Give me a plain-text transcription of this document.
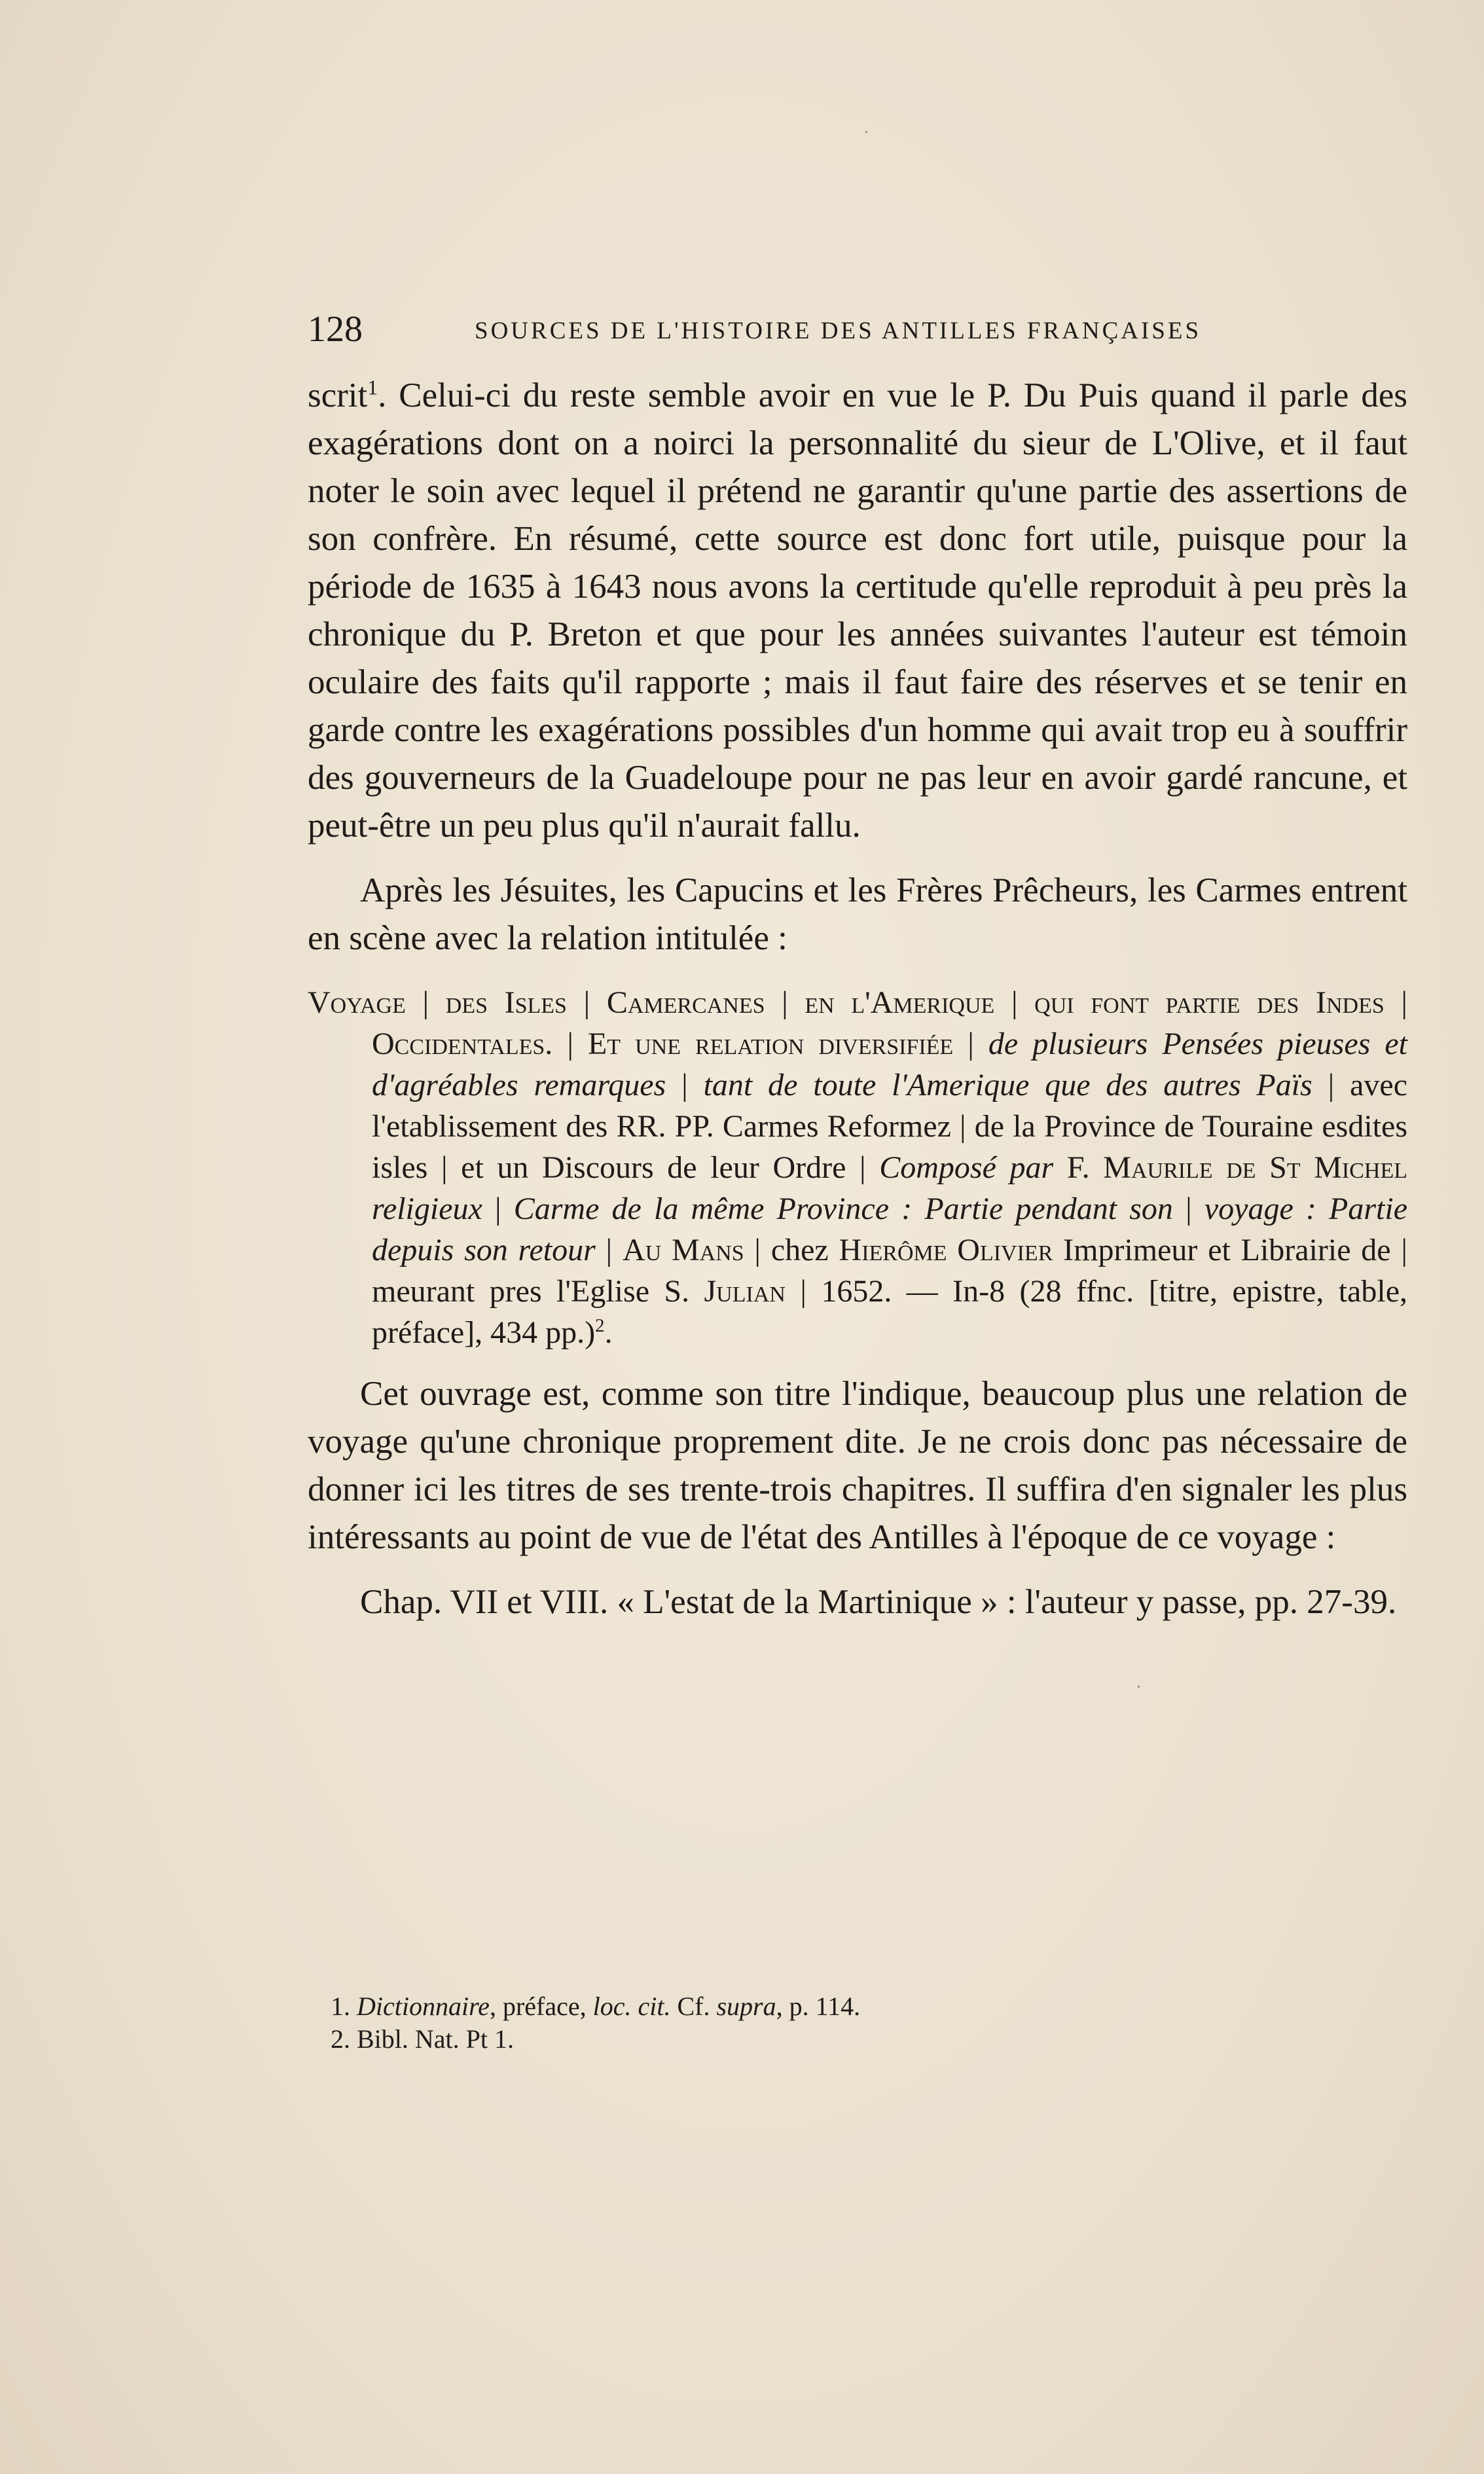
128	SOURCES DE L'HISTOIRE DES ANTILLES FRANÇAISES

scrit$^1$. Celui-ci du reste semble avoir en vue le P. Du Puis quand il parle des exagérations dont on a noirci la personnalité du sieur de L'Olive, et il faut noter le soin avec lequel il prétend ne garantir qu'une partie des assertions de son confrère. En résumé, cette source est donc fort utile, puisque pour la période de 1635 à 1643 nous avons la certitude qu'elle reproduit à peu près la chronique du P. Breton et que pour les années suivantes l'auteur est témoin oculaire des faits qu'il rapporte ; mais il faut faire des réserves et se tenir en garde contre les exagérations possibles d'un homme qui avait trop eu à souffrir des gouverneurs de la Guadeloupe pour ne pas leur en avoir gardé rancune, et peut-être un peu plus qu'il n'aurait fallu.

Après les Jésuites, les Capucins et les Frères Prêcheurs, les Carmes entrent en scène avec la relation intitulée :

Voyage | des Isles | Camercanes | en l'Amerique | qui font partie des Indes | Occidentales. | Et une relation diversifiée | de plusieurs Pensées pieuses et d'agréables remarques | tant de toute l'Amerique que des autres Païs | avec l'etablissement des RR. PP. Carmes Reformez | de la Province de Touraine esdites isles | et un Discours de leur Ordre | Composé par F. Maurile de St Michel religieux | Carme de la même Province : Partie pendant son | voyage : Partie depuis son retour | Au Mans | chez Hierôme Olivier Imprimeur et Librairie de | meurant pres l'Eglise S. Julian | 1652. — In-8 (28 ffnc. [titre, epistre, table, préface], 434 pp.)$^2$.

Cet ouvrage est, comme son titre l'indique, beaucoup plus une relation de voyage qu'une chronique proprement dite. Je ne crois donc pas nécessaire de donner ici les titres de ses trente-trois chapitres. Il suffira d'en signaler les plus intéressants au point de vue de l'état des Antilles à l'époque de ce voyage :

Chap. VII et VIII. « L'estat de la Martinique » : l'auteur y passe, pp. 27-39.

1. Dictionnaire, préface, loc. cit. Cf. supra, p. 114.

2. Bibl. Nat. Pt 1.
